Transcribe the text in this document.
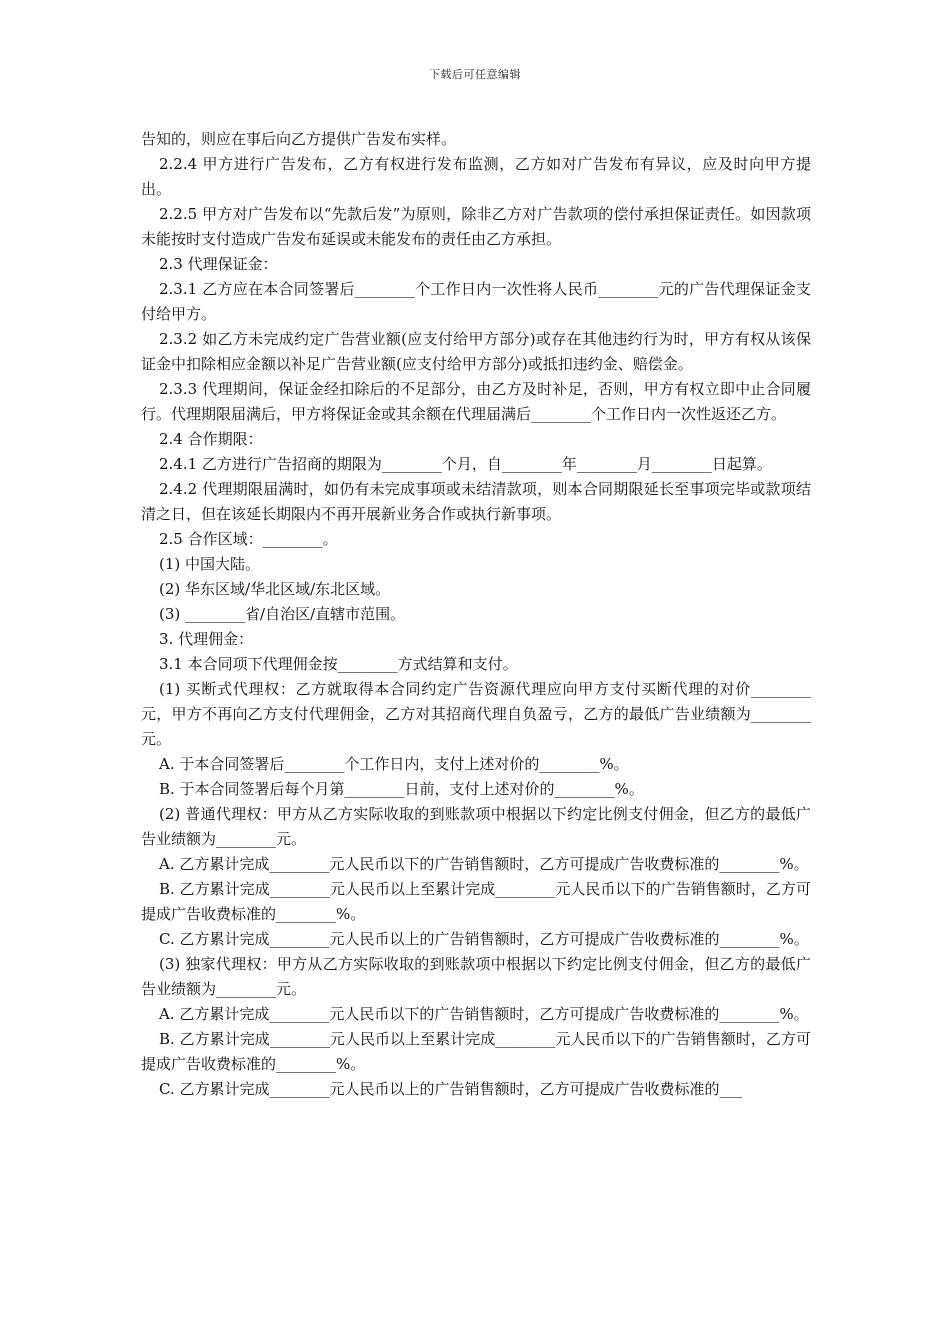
下载后可任意编辑

告知的，则应在事后向乙方提供广告发布实样。

2.2.4 甲方进行广告发布，乙方有权进行发布监测，乙方如对广告发布有异议，应及时向甲方提出。

2.2.5 甲方对广告发布以“先款后发”为原则，除非乙方对广告款项的偿付承担保证责任。如因款项未能按时支付造成广告发布延误或未能发布的责任由乙方承担。

2.3 代理保证金：

2.3.1 乙方应在本合同签署后________个工作日内一次性将人民币________元的广告代理保证金支付给甲方。

2.3.2 如乙方未完成约定广告营业额(应支付给甲方部分)或存在其他违约行为时，甲方有权从该保证金中扣除相应金额以补足广告营业额(应支付给甲方部分)或抵扣违约金、赔偿金。

2.3.3 代理期间，保证金经扣除后的不足部分，由乙方及时补足，否则，甲方有权立即中止合同履行。代理期限届满后，甲方将保证金或其余额在代理届满后________个工作日内一次性返还乙方。

2.4 合作期限：

2.4.1 乙方进行广告招商的期限为________个月，自________年________月________日起算。

2.4.2 代理期限届满时，如仍有未完成事项或未结清款项，则本合同期限延长至事项完毕或款项结清之日，但在该延长期限内不再开展新业务合作或执行新事项。

2.5 合作区域：________。

(1) 中国大陆。

(2) 华东区域/华北区域/东北区域。

(3) ________省/自治区/直辖市范围。

3. 代理佣金：

3.1 本合同项下代理佣金按________方式结算和支付。

(1) 买断式代理权：乙方就取得本合同约定广告资源代理应向甲方支付买断代理的对价________元，甲方不再向乙方支付代理佣金，乙方对其招商代理自负盈亏，乙方的最低广告业绩额为________元。

A. 于本合同签署后________个工作日内，支付上述对价的________%。

B. 于本合同签署后每个月第________日前，支付上述对价的________%。

(2) 普通代理权：甲方从乙方实际收取的到账款项中根据以下约定比例支付佣金，但乙方的最低广告业绩额为________元。

A. 乙方累计完成________元人民币以下的广告销售额时，乙方可提成广告收费标准的________%。

B. 乙方累计完成________元人民币以上至累计完成________元人民币以下的广告销售额时，乙方可提成广告收费标准的________%。

C. 乙方累计完成________元人民币以上的广告销售额时，乙方可提成广告收费标准的________%。

(3) 独家代理权：甲方从乙方实际收取的到账款项中根据以下约定比例支付佣金，但乙方的最低广告业绩额为________元。

A. 乙方累计完成________元人民币以下的广告销售额时，乙方可提成广告收费标准的________%。

B. 乙方累计完成________元人民币以上至累计完成________元人民币以下的广告销售额时，乙方可提成广告收费标准的________%。

C. 乙方累计完成________元人民币以上的广告销售额时，乙方可提成广告收费标准的___
